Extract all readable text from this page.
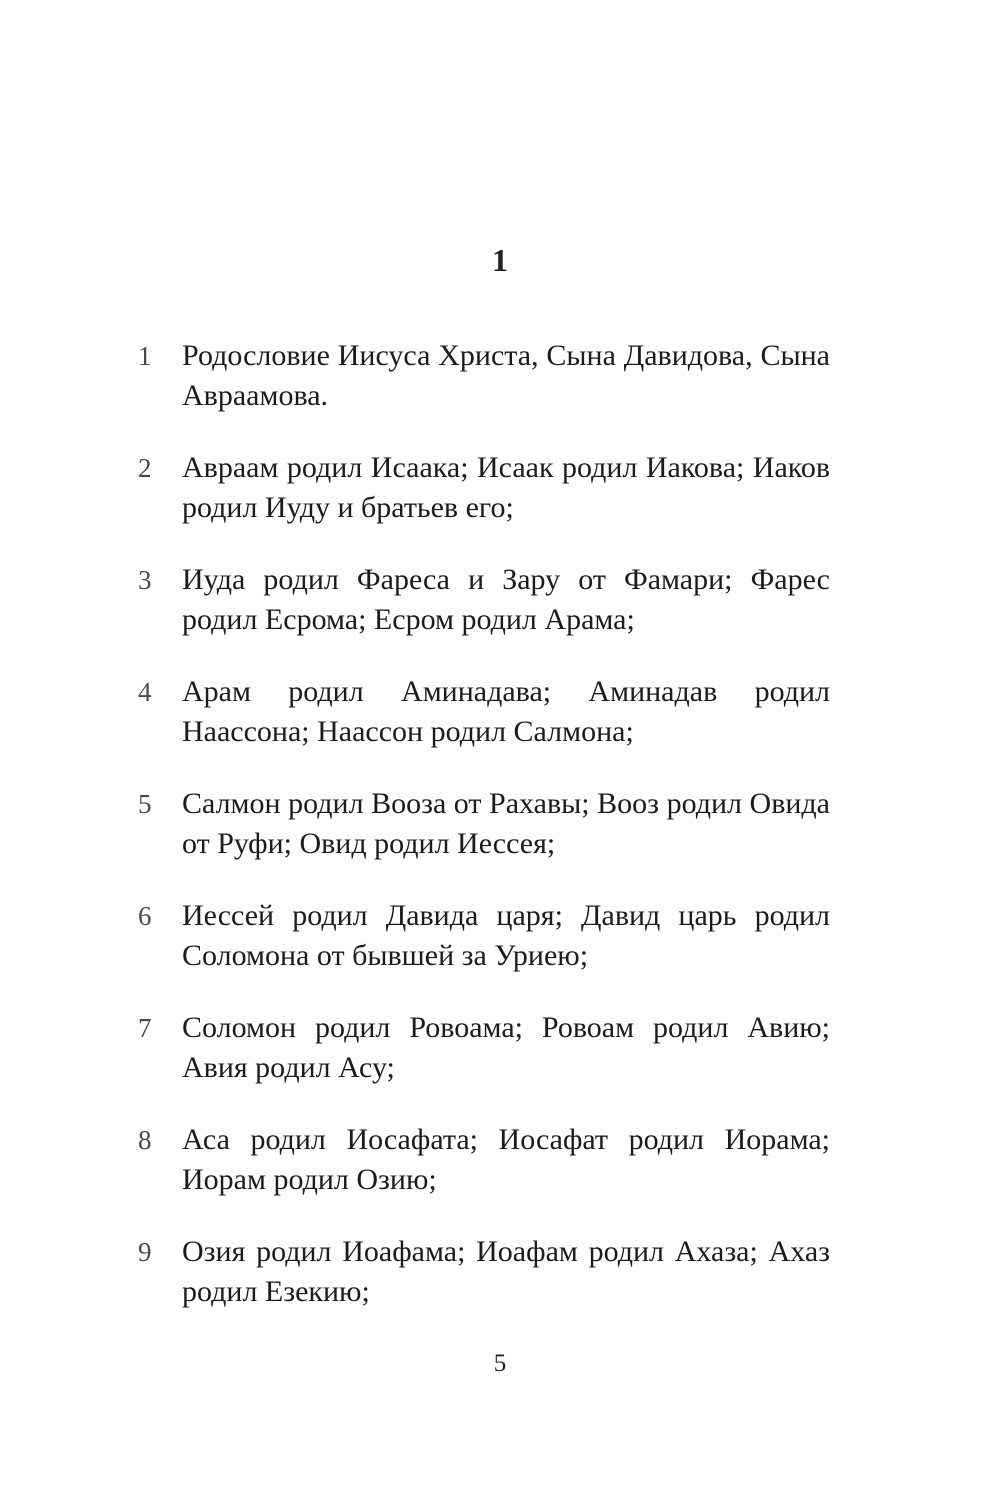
1
1	Родословие Иисуса Христа, Сына Давидова, Сына Авраамова.

2	Авраам родил Исаака; Исаак родил Иакова; Иаков родил Иуду и братьев его;

3	Иуда родил Фареса и Зару от Фамари; Фарес родил Есрома; Есром родил Арама;

4	Арам родил Аминадава; Аминадав родил Наассона; Наассон родил Салмона;

5	Салмон родил Вооза от Рахавы; Вооз родил Овида от Руфи; Овид родил Иессея;

6	Иессей родил Давида царя; Давид царь родил Соломона от бывшей за Уриею;

7	Соломон родил Ровоама; Ровоам родил Авию; Авия родил Асу;

8	Аса родил Иосафата; Иосафат родил Иорама; Иорам родил Озию;

9	Озия родил Иоафама; Иоафам родил Ахаза; Ахаз родил Езекию;

5
